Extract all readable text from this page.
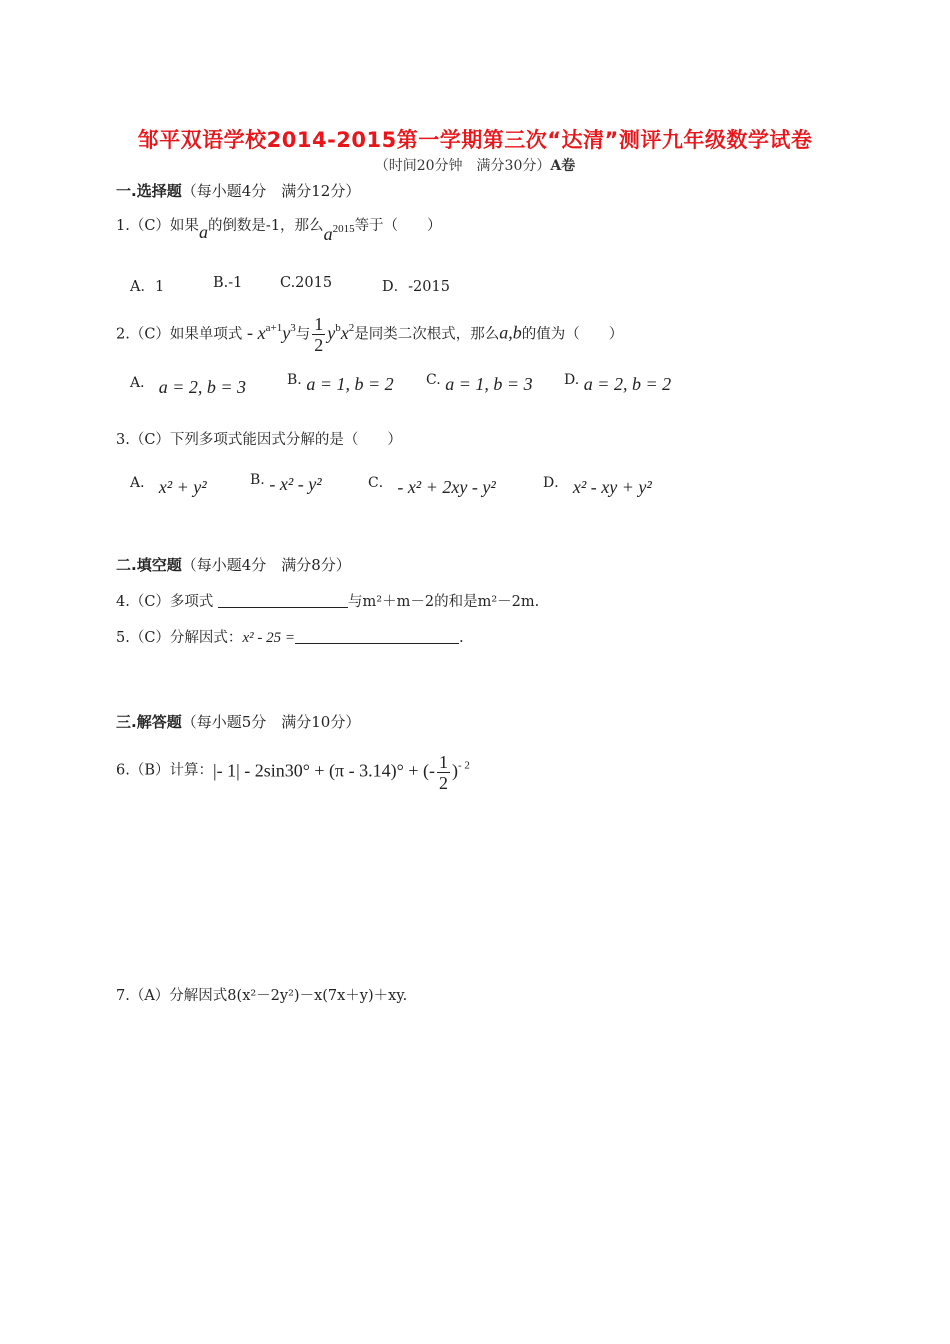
邹平双语学校2014-2015第一学期第三次“达清”测评九年级数学试卷
（时间20分钟　满分30分）A卷
一.选择题（每小题4分　满分12分）
1.（C）如果a的倒数是-1，那么$a^{2015}$等于（　　）
A．1	B.-1	C.2015	D．-2015
2.（C）如果单项式 - $x^{a+1}y^3$与 $\frac{1}{2} y^bx^2$是同类二次根式，那么a,b的值为（　　）
A． a = 2, b = 3	B. a = 1, b = 2 C. a = 1, b = 3 D. a = 2, b = 2
3.（C）下列多项式能因式分解的是（　　）
A． x² + y²	B. - x² - y²	C． - x² + 2xy - y²	D． x² - xy + y²
二.填空题（每小题4分　满分8分）
4.（C）多项式	与m²＋m－2的和是m²－2m.
5.（C）分解因式：x² - 25 =	.
三.解答题（每小题5分　满分10分）
6.（B）计算：|- 1| - 2sin30° + (π - 3.14)° + (- $\frac{1}{2} )^{- 2}$
7.（A）分解因式8(x²－2y²)－x(7x＋y)＋xy.
